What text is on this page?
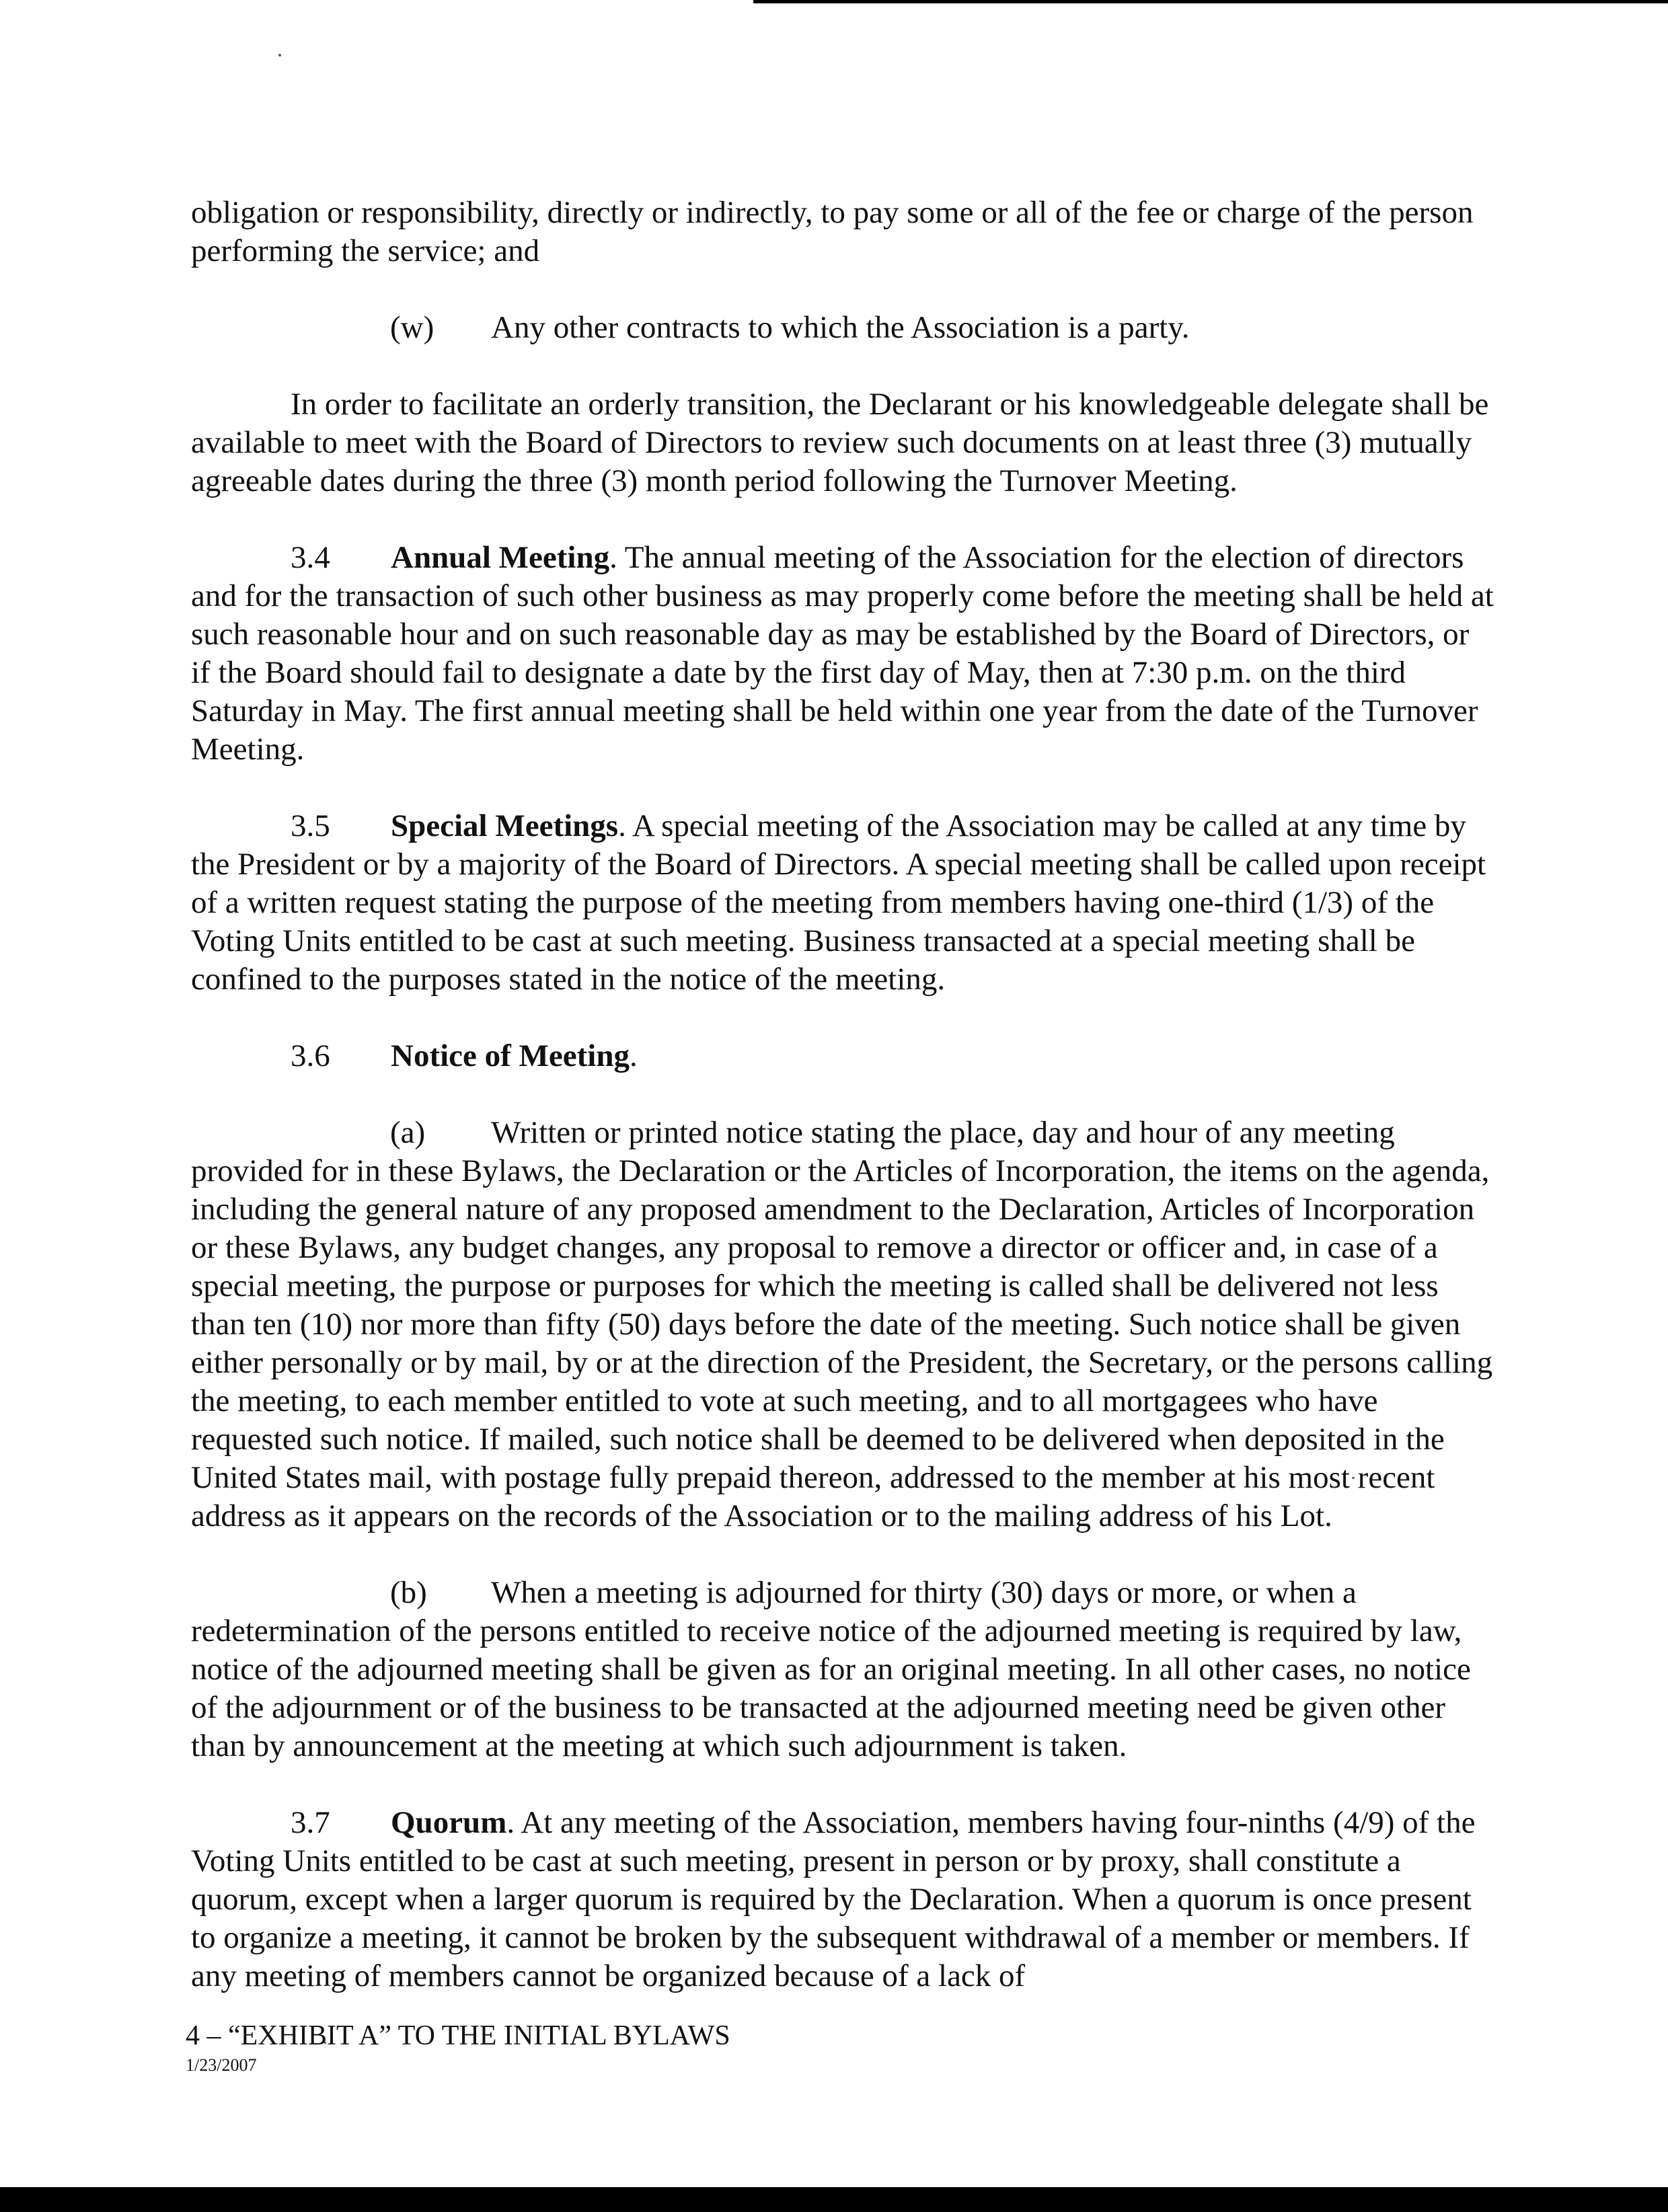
obligation or responsibility, directly or indirectly, to pay some or all of the fee or charge of the person performing the service; and

(w) Any other contracts to which the Association is a party.

In order to facilitate an orderly transition, the Declarant or his knowledgeable delegate shall be available to meet with the Board of Directors to review such documents on at least three (3) mutually agreeable dates during the three (3) month period following the Turnover Meeting.

3.4 Annual Meeting. The annual meeting of the Association for the election of directors and for the transaction of such other business as may properly come before the meeting shall be held at such reasonable hour and on such reasonable day as may be established by the Board of Directors, or if the Board should fail to designate a date by the first day of May, then at 7:30 p.m. on the third Saturday in May. The first annual meeting shall be held within one year from the date of the Turnover Meeting.

3.5 Special Meetings. A special meeting of the Association may be called at any time by the President or by a majority of the Board of Directors. A special meeting shall be called upon receipt of a written request stating the purpose of the meeting from members having one-third (1/3) of the Voting Units entitled to be cast at such meeting. Business transacted at a special meeting shall be confined to the purposes stated in the notice of the meeting.

3.6 Notice of Meeting.

(a) Written or printed notice stating the place, day and hour of any meeting provided for in these Bylaws, the Declaration or the Articles of Incorporation, the items on the agenda, including the general nature of any proposed amendment to the Declaration, Articles of Incorporation or these Bylaws, any budget changes, any proposal to remove a director or officer and, in case of a special meeting, the purpose or purposes for which the meeting is called shall be delivered not less than ten (10) nor more than fifty (50) days before the date of the meeting. Such notice shall be given either personally or by mail, by or at the direction of the President, the Secretary, or the persons calling the meeting, to each member entitled to vote at such meeting, and to all mortgagees who have requested such notice. If mailed, such notice shall be deemed to be delivered when deposited in the United States mail, with postage fully prepaid thereon, addressed to the member at his most recent address as it appears on the records of the Association or to the mailing address of his Lot.

(b) When a meeting is adjourned for thirty (30) days or more, or when a redetermination of the persons entitled to receive notice of the adjourned meeting is required by law, notice of the adjourned meeting shall be given as for an original meeting. In all other cases, no notice of the adjournment or of the business to be transacted at the adjourned meeting need be given other than by announcement at the meeting at which such adjournment is taken.

3.7 Quorum. At any meeting of the Association, members having four-ninths (4/9) of the Voting Units entitled to be cast at such meeting, present in person or by proxy, shall constitute a quorum, except when a larger quorum is required by the Declaration. When a quorum is once present to organize a meeting, it cannot be broken by the subsequent withdrawal of a member or members. If any meeting of members cannot be organized because of a lack of

4 – “EXHIBIT A” TO THE INITIAL BYLAWS
1/23/2007
